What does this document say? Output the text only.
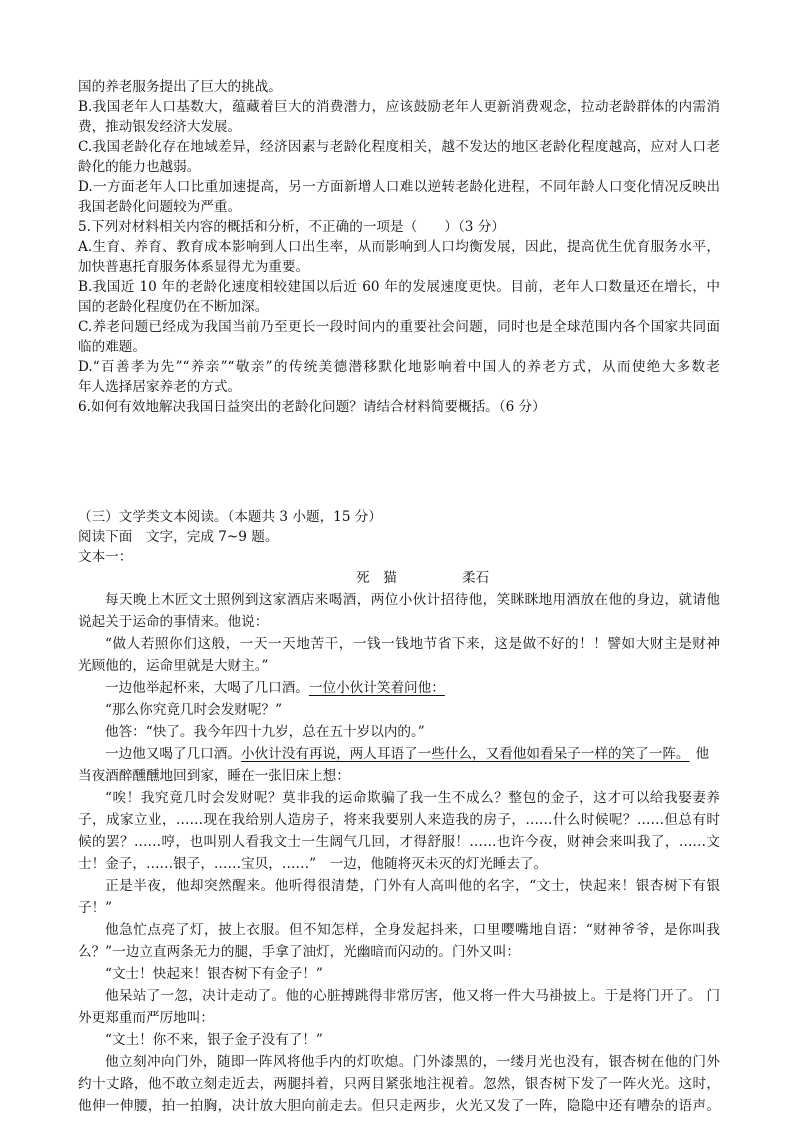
国的养老服务提出了巨大的挑战。
B.我国老年人口基数大，蕴藏着巨大的消费潜力，应该鼓励老年人更新消费观念，拉动老龄群体的内需消
费，推动银发经济大发展。
C.我国老龄化存在地域差异，经济因素与老龄化程度相关，越不发达的地区老龄化程度越高，应对人口老
龄化的能力也越弱。
D.一方面老年人口比重加速提高，另一方面新增人口难以逆转老龄化进程，不同年龄人口变化情况反映出
我国老龄化问题较为严重。
5.下列对材料相关内容的概括和分析，不正确的一项是（　　）（3 分）
A.生育、养育、教育成本影响到人口出生率，从而影响到人口均衡发展，因此，提高优生优育服务水平，
加快普惠托育服务体系显得尤为重要。
B.我国近 10 年的老龄化速度相较建国以后近 60 年的发展速度更快。目前，老年人口数量还在增长，中
国的老龄化程度仍在不断加深。
C.养老问题已经成为我国当前乃至更长一段时间内的重要社会问题，同时也是全球范围内各个国家共同面
临的难题。
D.“百善孝为先”“养亲”“敬亲”的传统美德潜移默化地影响着中国人的养老方式，从而使绝大多数老
年人选择居家养老的方式。
6.如何有效地解决我国日益突出的老龄化问题？请结合材料简要概括。（6 分）
（三）文学类文本阅读。（本题共 3 小题，15 分）
阅读下面　文字，完成 7~9 题。
文本一：
死　猫	柔石
每天晚上木匠文士照例到这家酒店来喝酒，两位小伙计招待他，笑眯眯地用酒放在他的身边，就请他
说起关于运命的事情来。他说：
“做人若照你们这般，一天一天地苦干，一钱一钱地节省下来，这是做不好的！！譬如大财主是财神
光顾他的，运命里就是大财主。”
一边他举起杯来，大喝了几口酒。一位小伙计笑着问他：
“那么你究竟几时会发财呢？”
他答：“快了。我今年四十九岁，总在五十岁以内的。”
一边他又喝了几口酒。小伙计没有再说，两人耳语了一些什么，又看他如看呆子一样的笑了一阵。 他
当夜酒醉醺醺地回到家，睡在一张旧床上想：
“唉！我究竟几时会发财呢？莫非我的运命欺骗了我一生不成么？整包的金子，这才可以给我娶妻养
子，成家立业，……现在我给别人造房子，将来我要别人来造我的房子，……什么时候呢？……但总有时
候的罢？……哼，也叫别人看我文士一生阔气几回，才得舒服！……也许今夜，财神会来叫我了，……文
士！金子，……银子，……宝贝，……”　一边，他随将灭未灭的灯光睡去了。
正是半夜，他却突然醒来。他听得很清楚，门外有人高叫他的名字，“文士，快起来！银杏树下有银
子！”
他急忙点亮了灯，披上衣服。但不知怎样，全身发起抖来，口里嘤嘴地自语：“财神爷爷，是你叫我
么？”一边立直两条无力的腿，手拿了油灯，光幽暗而闪动的。门外又叫：
“文士！快起来！银杏树下有金子！”
他呆站了一忽，决计走动了。他的心脏搏跳得非常厉害，他又将一件大马褂披上。于是将门开了。 门
外更郑重而严厉地叫：
“文土！你不来，银子金子没有了！”
他立刻冲向门外，随即一阵风将他手内的灯吹熄。门外漆黑的，一缕月光也没有，银杏树在他的门外
约十丈路，他不敢立刻走近去，两腿抖着，只两目紧张地注视着。忽然，银杏树下发了一阵火光。这时，
他伸一伸腰，拍一拍胸，决计放大胆向前走去。但只走两步，火光又发了一阵，隐隐中还有嘈杂的语声。
